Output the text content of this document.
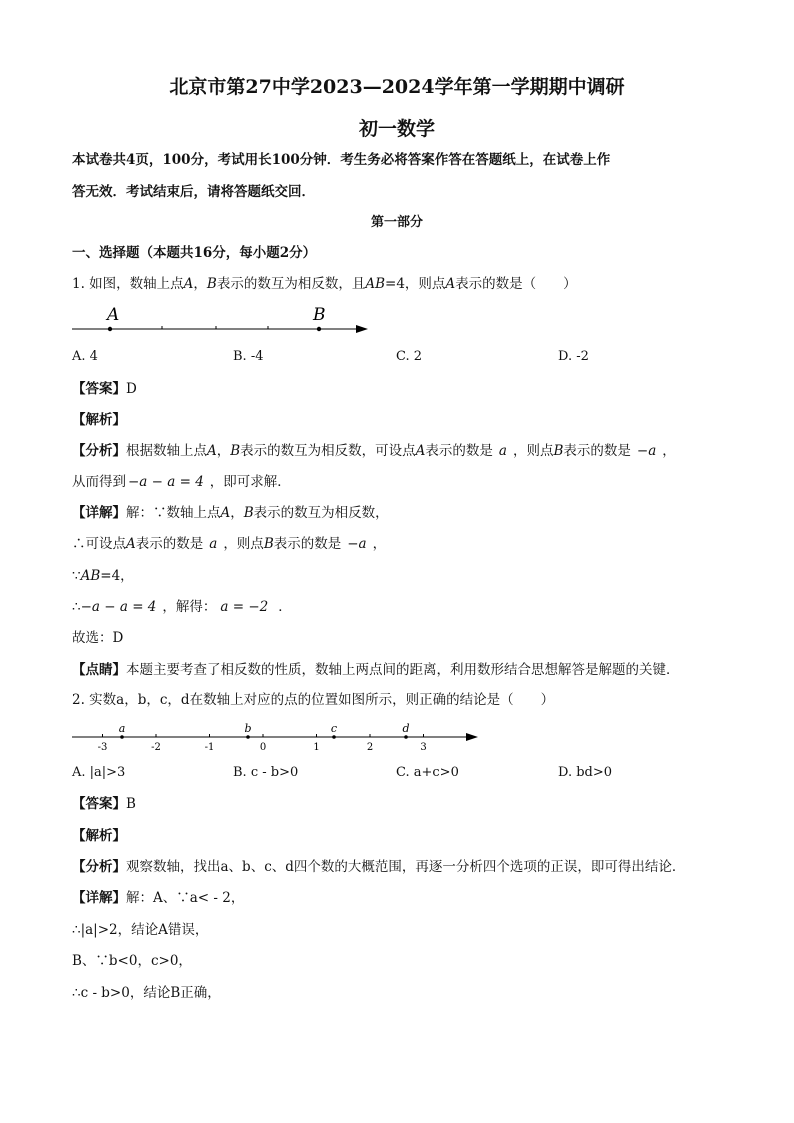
北京市第27中学2023—2024学年第一学期期中调研
初一数学
本试卷共4页，100分，考试用长100分钟．考生务必将答案作答在答题纸上，在试卷上作
答无效．考试结束后，请将答题纸交回．
第一部分
一、选择题（本题共16分，每小题2分）
1. 如图，数轴上点A，B表示的数互为相反数，且AB=4，则点A表示的数是（　　）
A	B
A. 4	B. -4	C. 2	D. -2
【答案】D
【解析】
【分析】根据数轴上点A，B表示的数互为相反数，可设点A表示的数是 a ，则点B表示的数是 −a ，
从而得到 −a − a = 4 ，即可求解．
【详解】解：∵数轴上点A，B表示的数互为相反数，
∴可设点A表示的数是 a ，则点B表示的数是 −a ，
∵AB=4，
∴−a − a = 4 ，解得： a = −2 ．
故选：D
【点睛】本题主要考查了相反数的性质，数轴上两点间的距离，利用数形结合思想解答是解题的关键．
2. 实数a，b，c，d在数轴上对应的点的位置如图所示，则正确的结论是（　　）
-3	-2	-1	0	1	2	3
a	b	c	d
A. |a|>3	B. c - b>0	C. a+c>0	D. bd>0
【答案】B
【解析】
【分析】观察数轴，找出a、b、c、d四个数的大概范围，再逐一分析四个选项的正误，即可得出结论．
【详解】解：A、∵a< - 2，
∴|a|>2，结论A错误，
B、∵b<0，c>0，
∴c - b>0，结论B正确，
